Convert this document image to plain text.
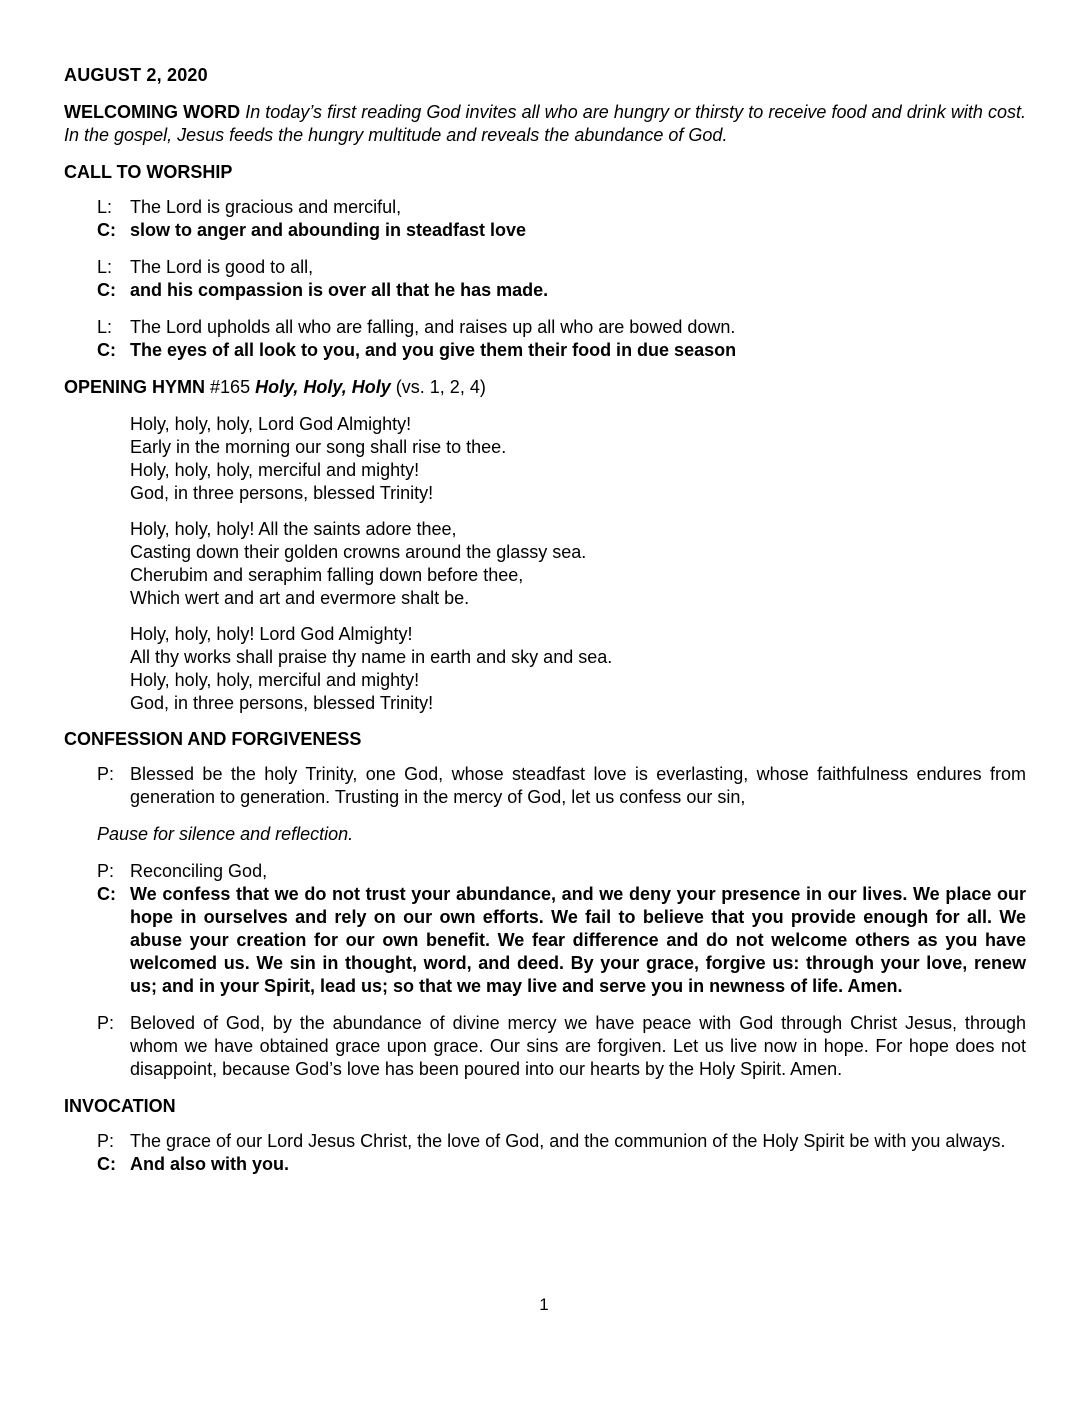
AUGUST 2, 2020

WELCOMING WORD In today’s first reading God invites all who are hungry or thirsty to receive food and drink with cost. In the gospel, Jesus feeds the hungry multitude and reveals the abundance of God.

CALL TO WORSHIP
L: The Lord is gracious and merciful,
C: slow to anger and abounding in steadfast love
L: The Lord is good to all,
C: and his compassion is over all that he has made.
L: The Lord upholds all who are falling, and raises up all who are bowed down.
C: The eyes of all look to you, and you give them their food in due season

OPENING HYMN #165 Holy, Holy, Holy (vs. 1, 2, 4)

Holy, holy, holy, Lord God Almighty!
Early in the morning our song shall rise to thee.
Holy, holy, holy, merciful and mighty!
God, in three persons, blessed Trinity!
Holy, holy, holy! All the saints adore thee,
Casting down their golden crowns around the glassy sea.
Cherubim and seraphim falling down before thee,
Which wert and art and evermore shalt be.
Holy, holy, holy! Lord God Almighty!
All thy works shall praise thy name in earth and sky and sea.
Holy, holy, holy, merciful and mighty!
God, in three persons, blessed Trinity!
CONFESSION AND FORGIVENESS
P: Blessed be the holy Trinity, one God, whose steadfast love is everlasting, whose faithfulness endures from generation to generation. Trusting in the mercy of God, let us confess our sin,

Pause for silence and reflection.

P: Reconciling God,
C: We confess that we do not trust your abundance, and we deny your presence in our lives. We place our hope in ourselves and rely on our own efforts. We fail to believe that you provide enough for all. We abuse your creation for our own benefit. We fear difference and do not welcome others as you have welcomed us. We sin in thought, word, and deed. By your grace, forgive us: through your love, renew us; and in your Spirit, lead us; so that we may live and serve you in newness of life. Amen.
P: Beloved of God, by the abundance of divine mercy we have peace with God through Christ Jesus, through whom we have obtained grace upon grace. Our sins are forgiven. Let us live now in hope. For hope does not disappoint, because God’s love has been poured into our hearts by the Holy Spirit. Amen.
INVOCATION
P: The grace of our Lord Jesus Christ, the love of God, and the communion of the Holy Spirit be with you always.
C: And also with you.
1
